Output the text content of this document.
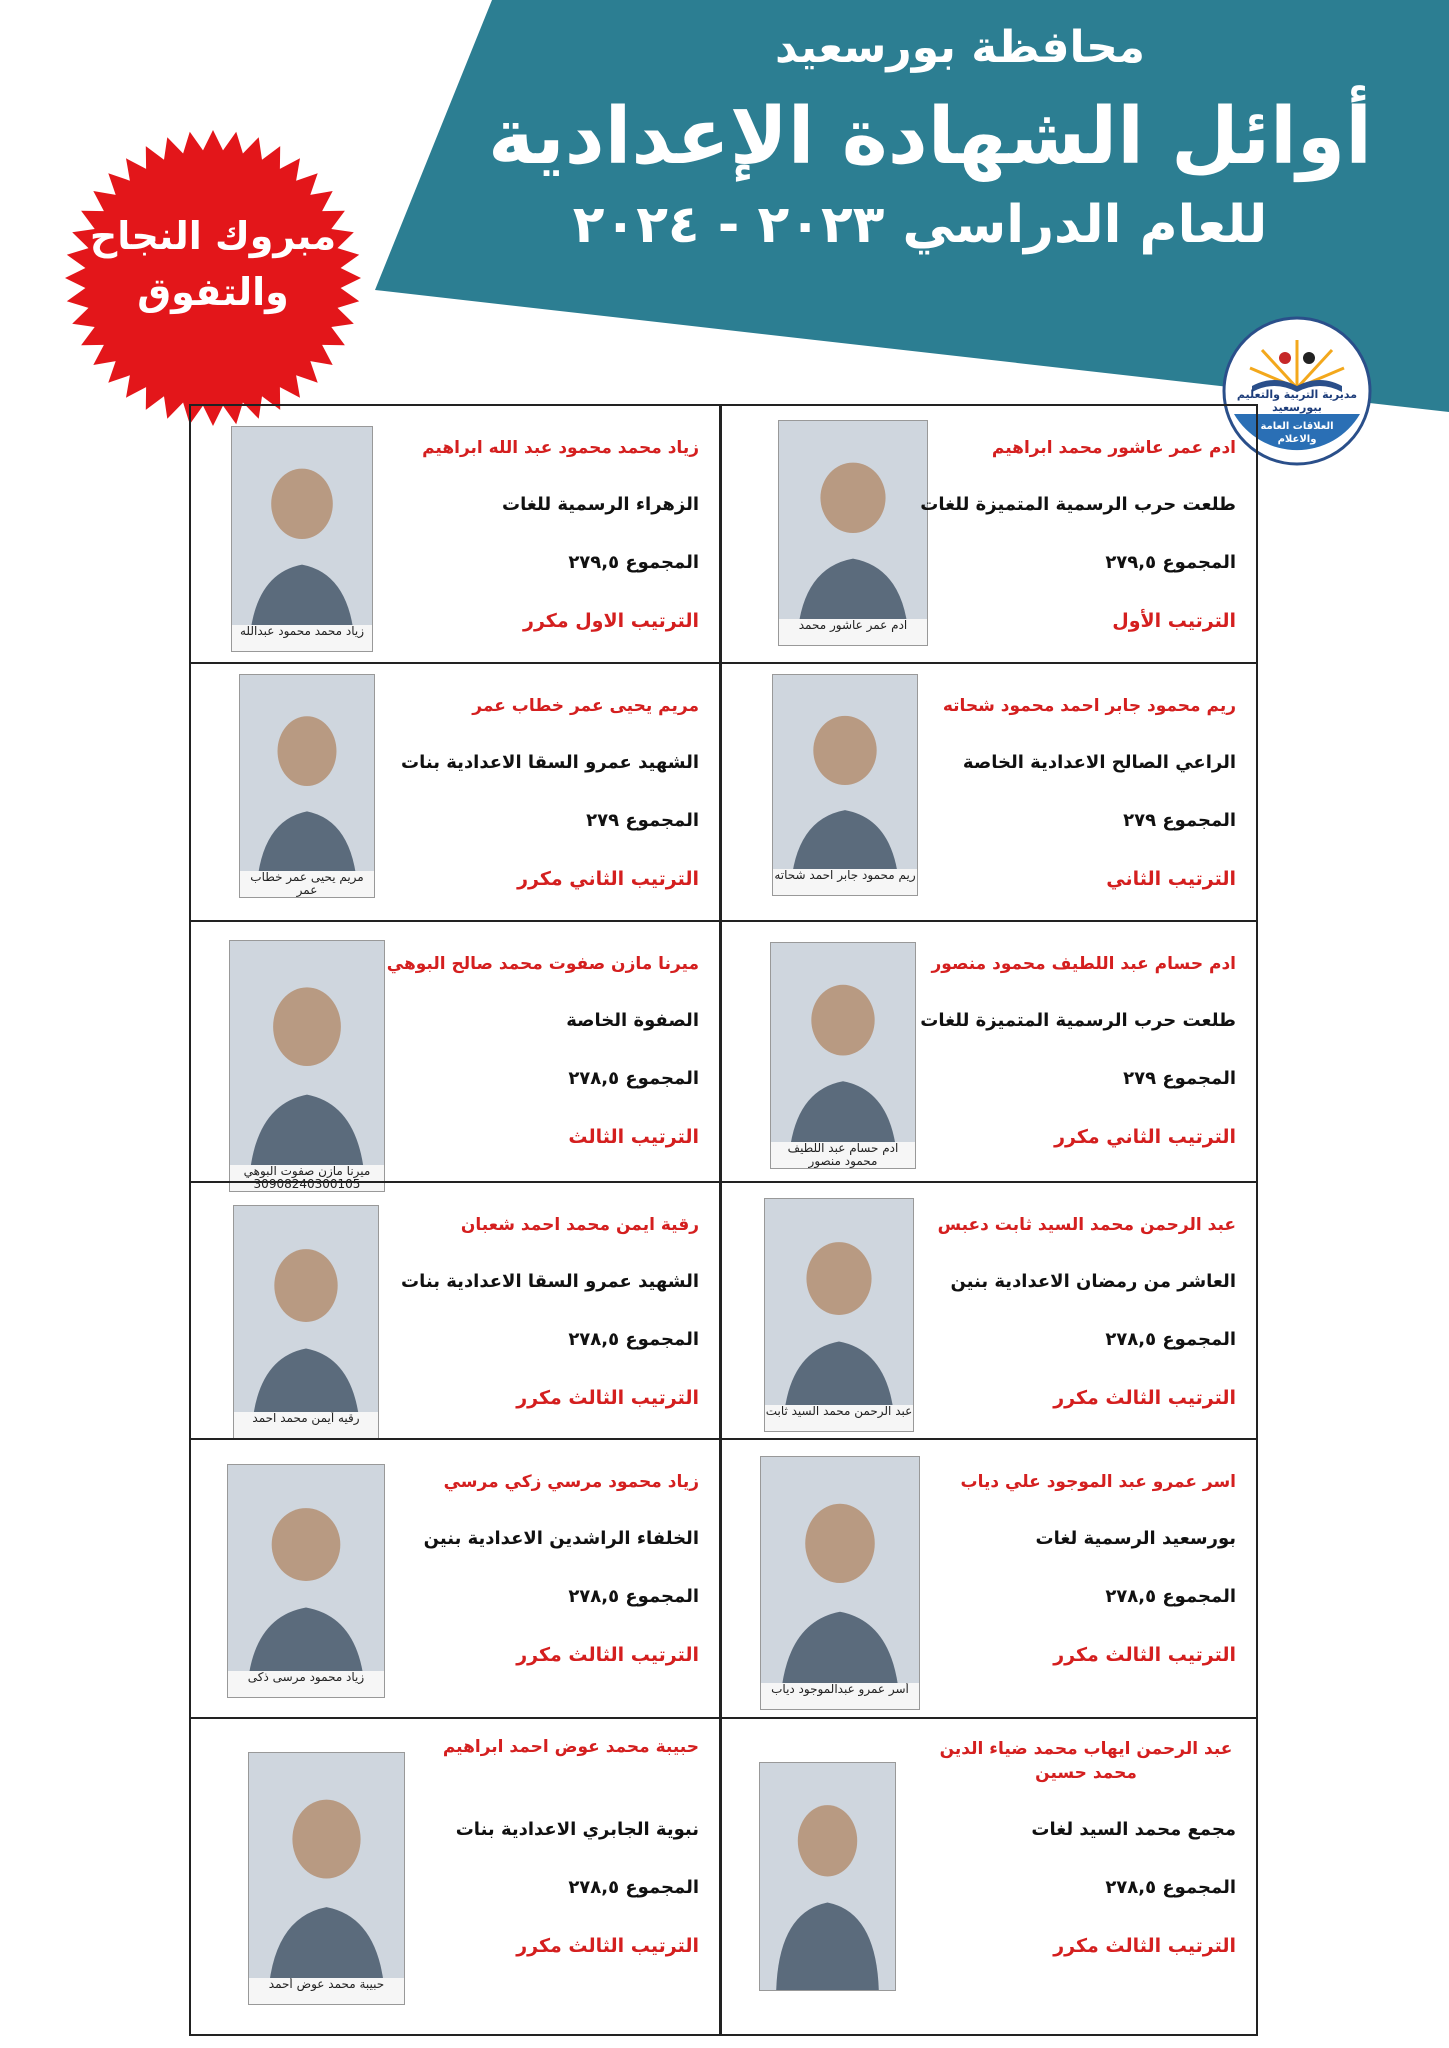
محافظة بورسعيد
أوائل الشهادة الإعدادية
للعام الدراسي ٢٠٢٣ - ٢٠٢٤
مبروك النجاح
والتفوق
مديرية التربية والتعليم ببورسعيد
العلاقات العامة والاعلام
ادم عمر عاشور محمد
ادم عمر عاشور محمد ابراهيم
طلعت حرب الرسمية المتميزة للغات
المجموع ٢٧٩,٥
الترتيب الأول
زياد محمد محمود عبدالله
زياد محمد محمود عبد الله ابراهيم
الزهراء الرسمية للغات
المجموع ٢٧٩,٥
الترتيب الاول مكرر
ريم محمود جابر احمد شحاته
ريم محمود جابر احمد محمود شحاته
الراعي الصالح الاعدادية الخاصة
المجموع ٢٧٩
الترتيب الثاني
مريم يحيى عمر خطاب عمر
مريم يحيى عمر خطاب عمر
الشهيد عمرو السقا الاعدادية بنات
المجموع ٢٧٩
الترتيب الثاني مكرر
ادم حسام عبد اللطيف محمود منصور
ادم حسام عبد اللطيف محمود منصور
طلعت حرب الرسمية المتميزة للغات
المجموع ٢٧٩
الترتيب الثاني مكرر
ميرنا مازن صفوت البوهي 30908240300105
ميرنا مازن صفوت محمد صالح البوهي
الصفوة الخاصة
المجموع ٢٧٨,٥
الترتيب الثالث
عبد الرحمن محمد السيد ثابت
عبد الرحمن محمد السيد ثابت دعبس
العاشر من رمضان الاعدادية بنين
المجموع ٢٧٨,٥
الترتيب الثالث مكرر
رقيه أيمن محمد احمد
رقية ايمن محمد احمد شعبان
الشهيد عمرو السقا الاعدادية بنات
المجموع ٢٧٨,٥
الترتيب الثالث مكرر
أسر عمرو عبدالموجود دياب
اسر عمرو عبد الموجود علي دياب
بورسعيد الرسمية لغات
المجموع ٢٧٨,٥
الترتيب الثالث مكرر
زياد محمود مرسى ذكى
زياد محمود مرسي زكي مرسي
الخلفاء الراشدين الاعدادية بنين
المجموع ٢٧٨,٥
الترتيب الثالث مكرر
عبد الرحمن ايهاب محمد ضياء الدين محمد حسين
مجمع محمد السيد لغات
المجموع ٢٧٨,٥
الترتيب الثالث مكرر
حبيبة محمد عوض أحمد
حبيبة محمد عوض احمد ابراهيم
نبوية الجابري الاعدادية بنات
المجموع ٢٧٨,٥
الترتيب الثالث مكرر
